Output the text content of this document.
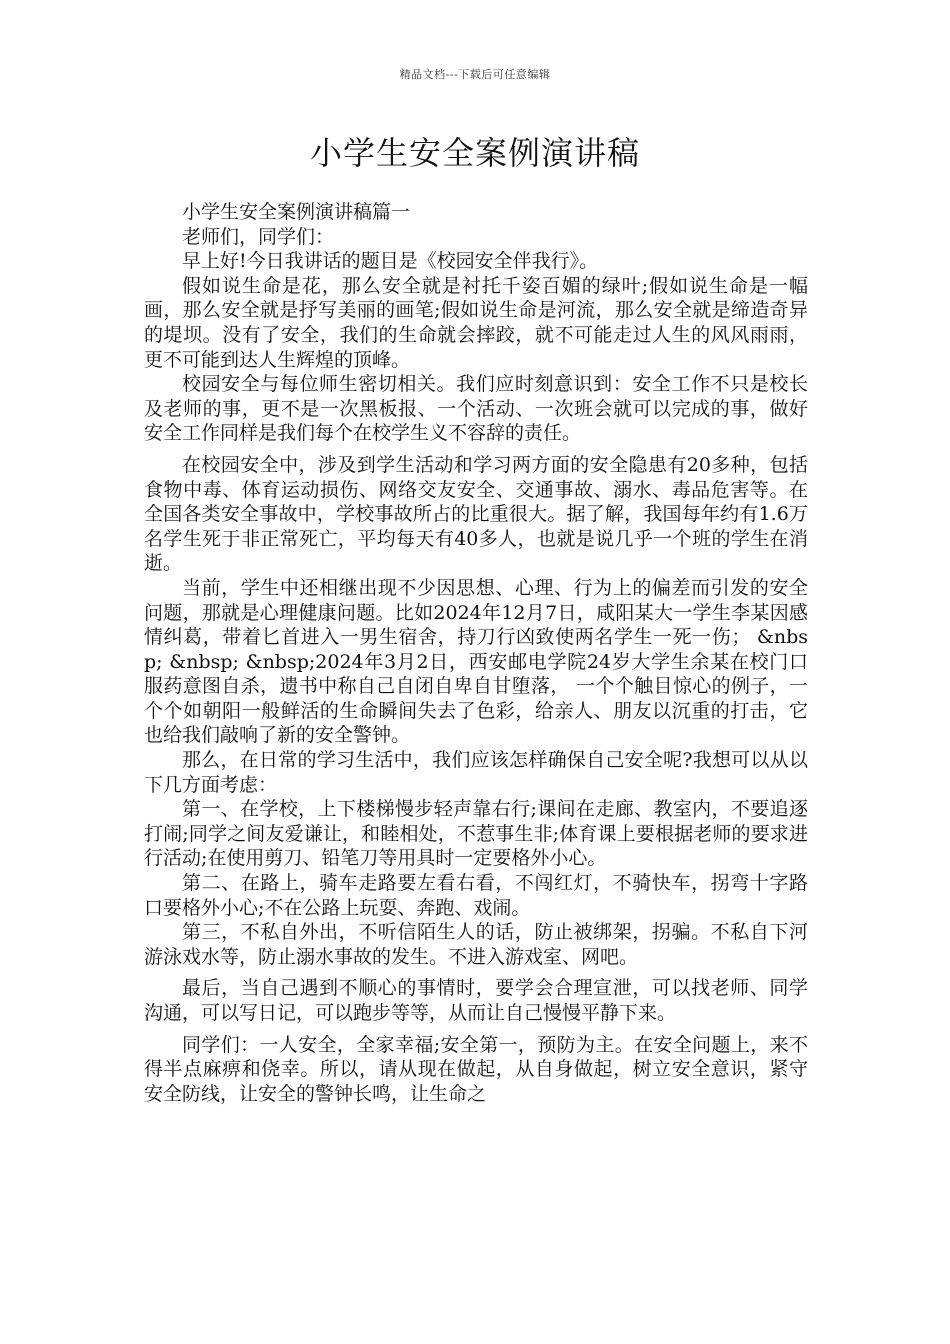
精品文档---下载后可任意编辑
小学生安全案例演讲稿

小学生安全案例演讲稿篇一

老师们，同学们：

早上好!今日我讲话的题目是《校园安全伴我行》。

假如说生命是花，那么安全就是衬托千姿百媚的绿叶;假如说生命是一幅画，那么安全就是抒写美丽的画笔;假如说生命是河流，那么安全就是缔造奇异的堤坝。没有了安全，我们的生命就会摔跤，就不可能走过人生的风风雨雨，更不可能到达人生辉煌的顶峰。

校园安全与每位师生密切相关。我们应时刻意识到：安全工作不只是校长及老师的事，更不是一次黑板报、一个活动、一次班会就可以完成的事，做好安全工作同样是我们每个在校学生义不容辞的责任。

在校园安全中，涉及到学生活动和学习两方面的安全隐患有20多种，包括食物中毒、体育运动损伤、网络交友安全、交通事故、溺水、毒品危害等。在全国各类安全事故中，学校事故所占的比重很大。据了解，我国每年约有1.6万名学生死于非正常死亡，平均每天有40多人，也就是说几乎一个班的学生在消逝。

当前，学生中还相继出现不少因思想、心理、行为上的偏差而引发的安全问题，那就是心理健康问题。比如2024年12月7日，咸阳某大一学生李某因感情纠葛，带着匕首进入一男生宿舍，持刀行凶致使两名学生一死一伤； &nbsp; &nbsp; &nbsp;2024年3月2日，西安邮电学院24岁大学生余某在校门口服药意图自杀，遗书中称自己自闭自卑自甘堕落， 一个个触目惊心的例子，一个个如朝阳一般鲜活的生命瞬间失去了色彩，给亲人、朋友以沉重的打击，它也给我们敲响了新的安全警钟。

那么，在日常的学习生活中，我们应该怎样确保自己安全呢?我想可以从以下几方面考虑：

第一、在学校，上下楼梯慢步轻声靠右行;课间在走廊、教室内，不要追逐打闹;同学之间友爱谦让，和睦相处，不惹事生非;体育课上要根据老师的要求进行活动;在使用剪刀、铅笔刀等用具时一定要格外小心。

第二、在路上，骑车走路要左看右看，不闯红灯，不骑快车，拐弯十字路口要格外小心;不在公路上玩耍、奔跑、戏闹。

第三，不私自外出，不听信陌生人的话，防止被绑架，拐骗。不私自下河游泳戏水等，防止溺水事故的发生。不进入游戏室、网吧。

最后，当自己遇到不顺心的事情时，要学会合理宣泄，可以找老师、同学沟通，可以写日记，可以跑步等等，从而让自己慢慢平静下来。

同学们：一人安全，全家幸福;安全第一，预防为主。在安全问题上，来不得半点麻痹和侥幸。所以，请从现在做起，从自身做起，树立安全意识，紧守安全防线，让安全的警钟长鸣，让生命之
